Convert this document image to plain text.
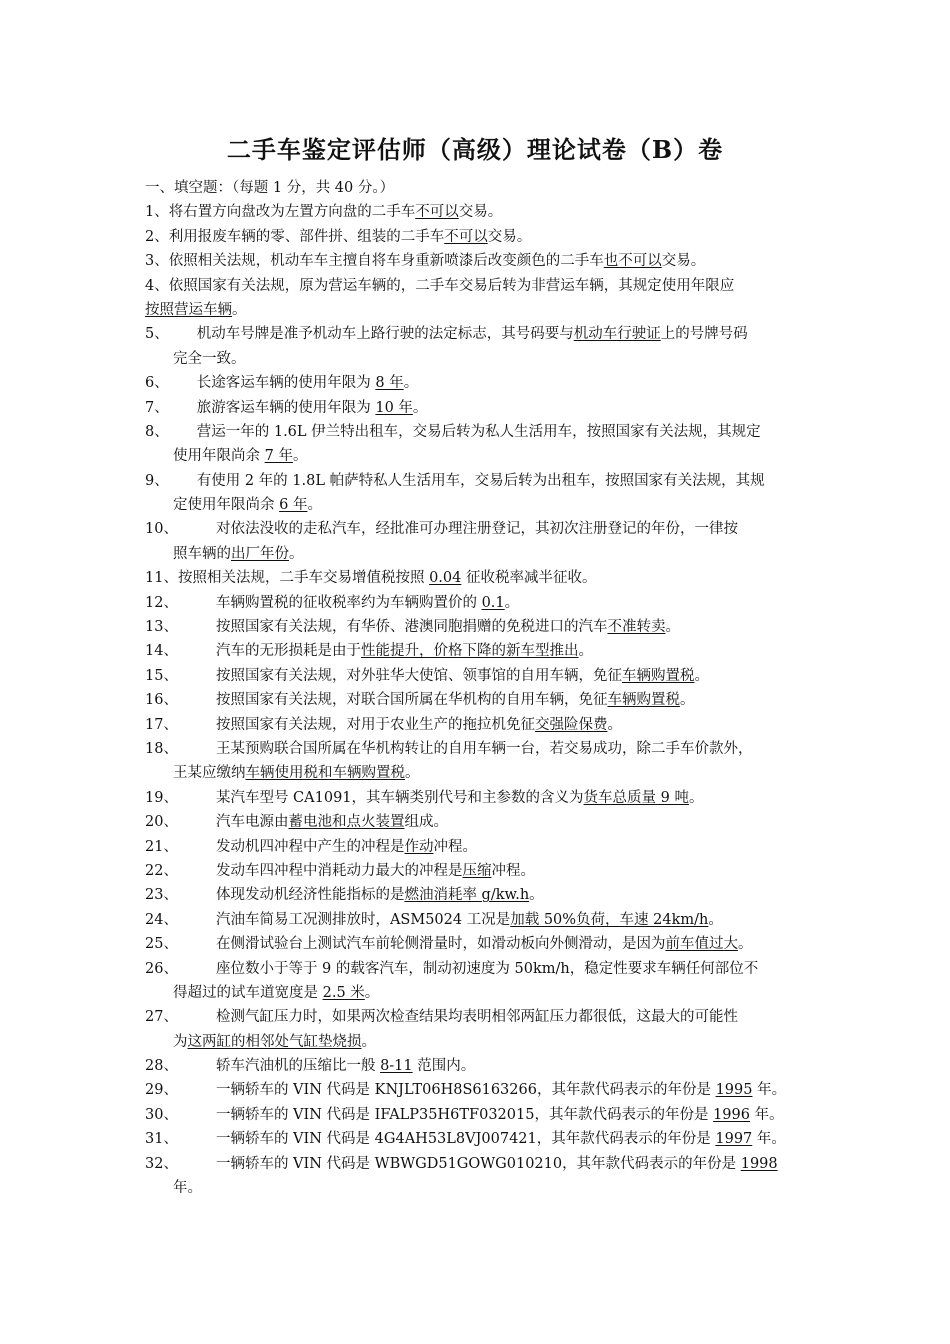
二手车鉴定评估师（高级）理论试卷（B）卷
一、填空题：（每题 1 分，共 40 分。）
1、将右置方向盘改为左置方向盘的二手车不可以交易。
2、利用报废车辆的零、部件拼、组装的二手车不可以交易。
3、依照相关法规，机动车车主擅自将车身重新喷漆后改变颜色的二手车也不可以交易。
4、依照国家有关法规，原为营运车辆的，二手车交易后转为非营运车辆，其规定使用年限应
按照营运车辆。
5、 机动车号牌是准予机动车上路行驶的法定标志，其号码要与机动车行驶证上的号牌号码
完全一致。
6、 长途客运车辆的使用年限为 8 年。
7、 旅游客运车辆的使用年限为 10 年。
8、 营运一年的 1.6L 伊兰特出租车，交易后转为私人生活用车，按照国家有关法规，其规定
使用年限尚余 7 年。
9、 有使用 2 年的 1.8L 帕萨特私人生活用车，交易后转为出租车，按照国家有关法规，其规
定使用年限尚余 6 年。
10、	对依法没收的走私汽车，经批准可办理注册登记，其初次注册登记的年份，一律按
照车辆的出厂年份。
11、按照相关法规，二手车交易增值税按照 0.04 征收税率减半征收。
12、	车辆购置税的征收税率约为车辆购置价的 0.1。
13、	按照国家有关法规，有华侨、港澳同胞捐赠的免税进口的汽车不准转卖。
14、	汽车的无形损耗是由于性能提升，价格下降的新车型推出。
15、	按照国家有关法规，对外驻华大使馆、领事馆的自用车辆，免征车辆购置税。
16、	按照国家有关法规，对联合国所属在华机构的自用车辆，免征车辆购置税。
17、	按照国家有关法规，对用于农业生产的拖拉机免征交强险保费。
18、	王某预购联合国所属在华机构转让的自用车辆一台，若交易成功，除二手车价款外，
王某应缴纳车辆使用税和车辆购置税。
19、	某汽车型号 CA1091，其车辆类别代号和主参数的含义为货车总质量 9 吨。
20、	汽车电源由蓄电池和点火装置组成。
21、	发动机四冲程中产生的冲程是作动冲程。
22、	发动车四冲程中消耗动力最大的冲程是压缩冲程。
23、	体现发动机经济性能指标的是燃油消耗率 g/kw.h。
24、	汽油车简易工况测排放时，ASM5024 工况是加载 50%负荷，车速 24km/h。
25、	在侧滑试验台上测试汽车前轮侧滑量时，如滑动板向外侧滑动，是因为前车值过大。
26、	座位数小于等于 9 的载客汽车，制动初速度为 50km/h，稳定性要求车辆任何部位不
得超过的试车道宽度是 2.5 米。
27、	检测气缸压力时，如果两次检查结果均表明相邻两缸压力都很低，这最大的可能性
为这两缸的相邻处气缸垫烧损。
28、	轿车汽油机的压缩比一般 8-11 范围内。
29、	一辆轿车的 VIN 代码是 KNJLT06H8S6163266，其年款代码表示的年份是 1995 年。
30、	一辆轿车的 VIN 代码是 IFALP35H6TF032015，其年款代码表示的年份是 1996 年。
31、	一辆轿车的 VIN 代码是 4G4AH53L8VJ007421，其年款代码表示的年份是 1997 年。
32、	一辆轿车的 VIN 代码是 WBWGD51GOWG010210，其年款代码表示的年份是 1998
年。
